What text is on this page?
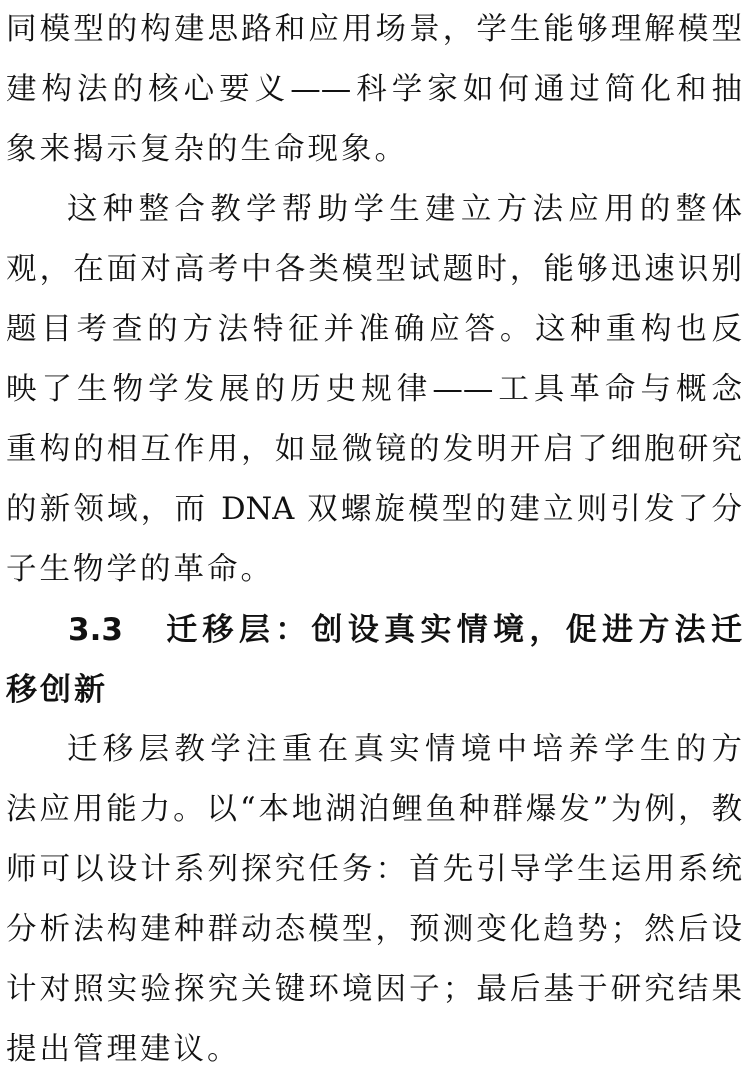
同模型的构建思路和应用场景，学生能够理解模型
建构法的核心要义——科学家如何通过简化和抽
象来揭示复杂的生命现象。
这种整合教学帮助学生建立方法应用的整体
观，在面对高考中各类模型试题时，能够迅速识别
题目考查的方法特征并准确应答。这种重构也反
映了生物学发展的历史规律——工具革命与概念
重构的相互作用，如显微镜的发明开启了细胞研究
的新领域，而 DNA 双螺旋模型的建立则引发了分
子生物学的革命。
3.3 迁移层：创设真实情境，促进方法迁
移创新
迁移层教学注重在真实情境中培养学生的方
法应用能力。以“本地湖泊鲤鱼种群爆发”为例，教
师可以设计系列探究任务：首先引导学生运用系统
分析法构建种群动态模型，预测变化趋势；然后设
计对照实验探究关键环境因子；最后基于研究结果
提出管理建议。
